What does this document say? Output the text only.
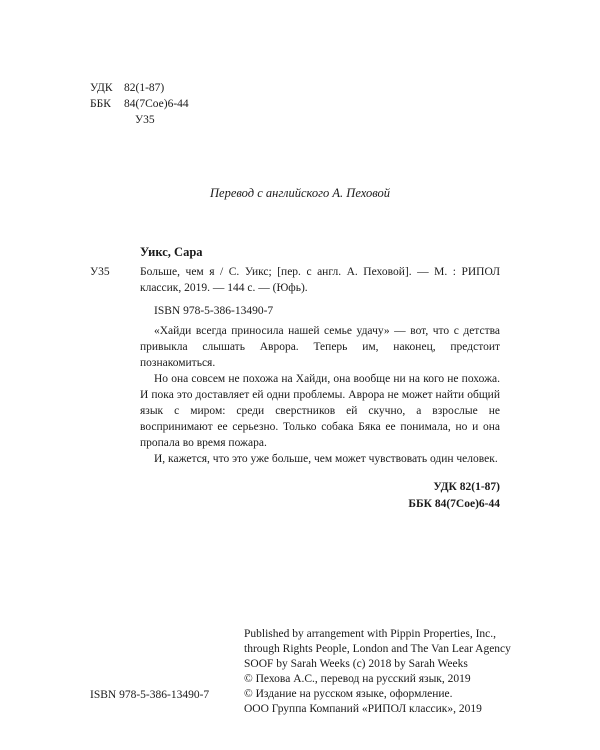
УДК	82(1-87)
ББК	84(7Сое)6-44
У35
Перевод с английского А. Пеховой
Уикс, Сара
У35	Больше, чем я / С. Уикс; [пер. с англ. А. Пеховой]. — М. : РИПОЛ классик, 2019. — 144 с. — (Юфь).
ISBN 978-5-386-13490-7

«Хайди всегда приносила нашей семье удачу» — вот, что с детства привыкла слышать Аврора. Теперь им, наконец, предстоит познакомиться.

Но она совсем не похожа на Хайди, она вообще ни на кого не похожа. И пока это доставляет ей одни проблемы. Аврора не может найти общий язык с миром: среди сверстников ей скучно, а взрослые не воспринимают ее серьезно. Только собака Бяка ее понимала, но и она пропала во время пожара.

И, кажется, что это уже больше, чем может чувствовать один человек.

УДК 82(1-87)
ББК 84(7Сое)6-44
Published by arrangement with Pippin Properties, Inc.,
through Rights People, London and The Van Lear Agency
SOOF by Sarah Weeks (c) 2018 by Sarah Weeks
© Пехова А.С., перевод на русский язык, 2019
© Издание на русском языке, оформление.
ООО Группа Компаний «РИПОЛ классик», 2019
ISBN 978-5-386-13490-7
